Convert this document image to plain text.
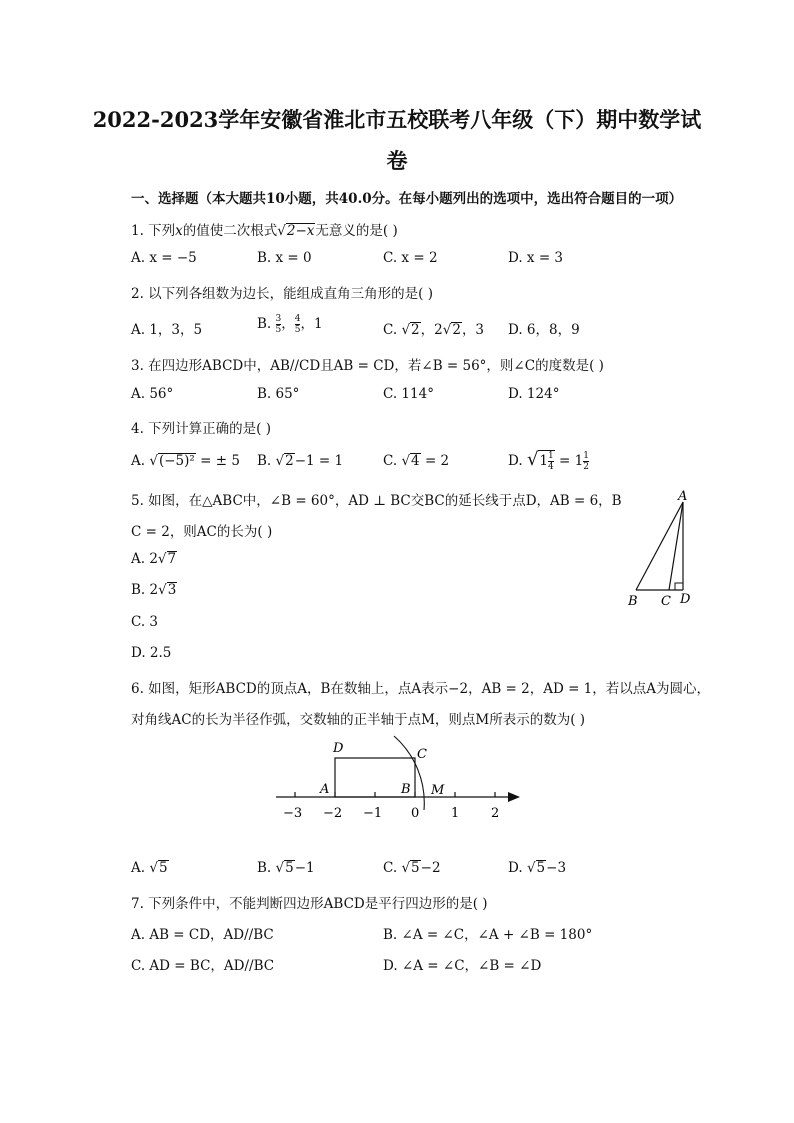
2022-2023学年安徽省淮北市五校联考八年级（下）期中数学试
卷
一、选择题（本大题共10小题，共40.0分。在每小题列出的选项中，选出符合题目的一项）
1. 下列x的值使二次根式√2−x无意义的是( )
A. x = −5	B. x = 0	C. x = 2	D. x = 3
2. 以下列各组数为边长，能组成直角三角形的是( )
A. 1，3，5	B. $\frac{3}{5}$ ， $\frac{4}{5}$ ，1	C. √2，2√2，3 D. 6，8，9
3. 在四边形ABCD中，AB//CD且AB = CD，若∠B = 56°，则∠C的度数是( )
A. 56°	B. 65°	C. 114°	D. 124°
4. 下列计算正确的是( )
A. √(−5)² = ± 5 B. √2−1 = 1	C. √4 = 2	D. $√1 \frac{1}{4} = 1 \frac{1}{2}$
5. 如图，在△ABC中，∠B = 60°，AD ⊥ BC交BC的延长线于点D，AB = 6，B
C = 2，则AC的长为( )
A. 2√7
B. 2√3
C. 3
D. 2.5
A
B C D
6. 如图，矩形ABCD的顶点A，B在数轴上，点A表示−2，AB = 2，AD = 1，若以点A为圆心，
对角线AC的长为半径作弧，交数轴的正半轴于点M，则点M所表示的数为( )
−3 −2 −1 0 1 2
D	C
A	B M
A. √5	B. √5−1	C. √5−2	D. √5−3
7. 下列条件中，不能判断四边形ABCD是平行四边形的是( )
A. AB = CD，AD//BC	B. ∠A = ∠C，∠A + ∠B = 180°
C. AD = BC，AD//BC	D. ∠A = ∠C，∠B = ∠D
